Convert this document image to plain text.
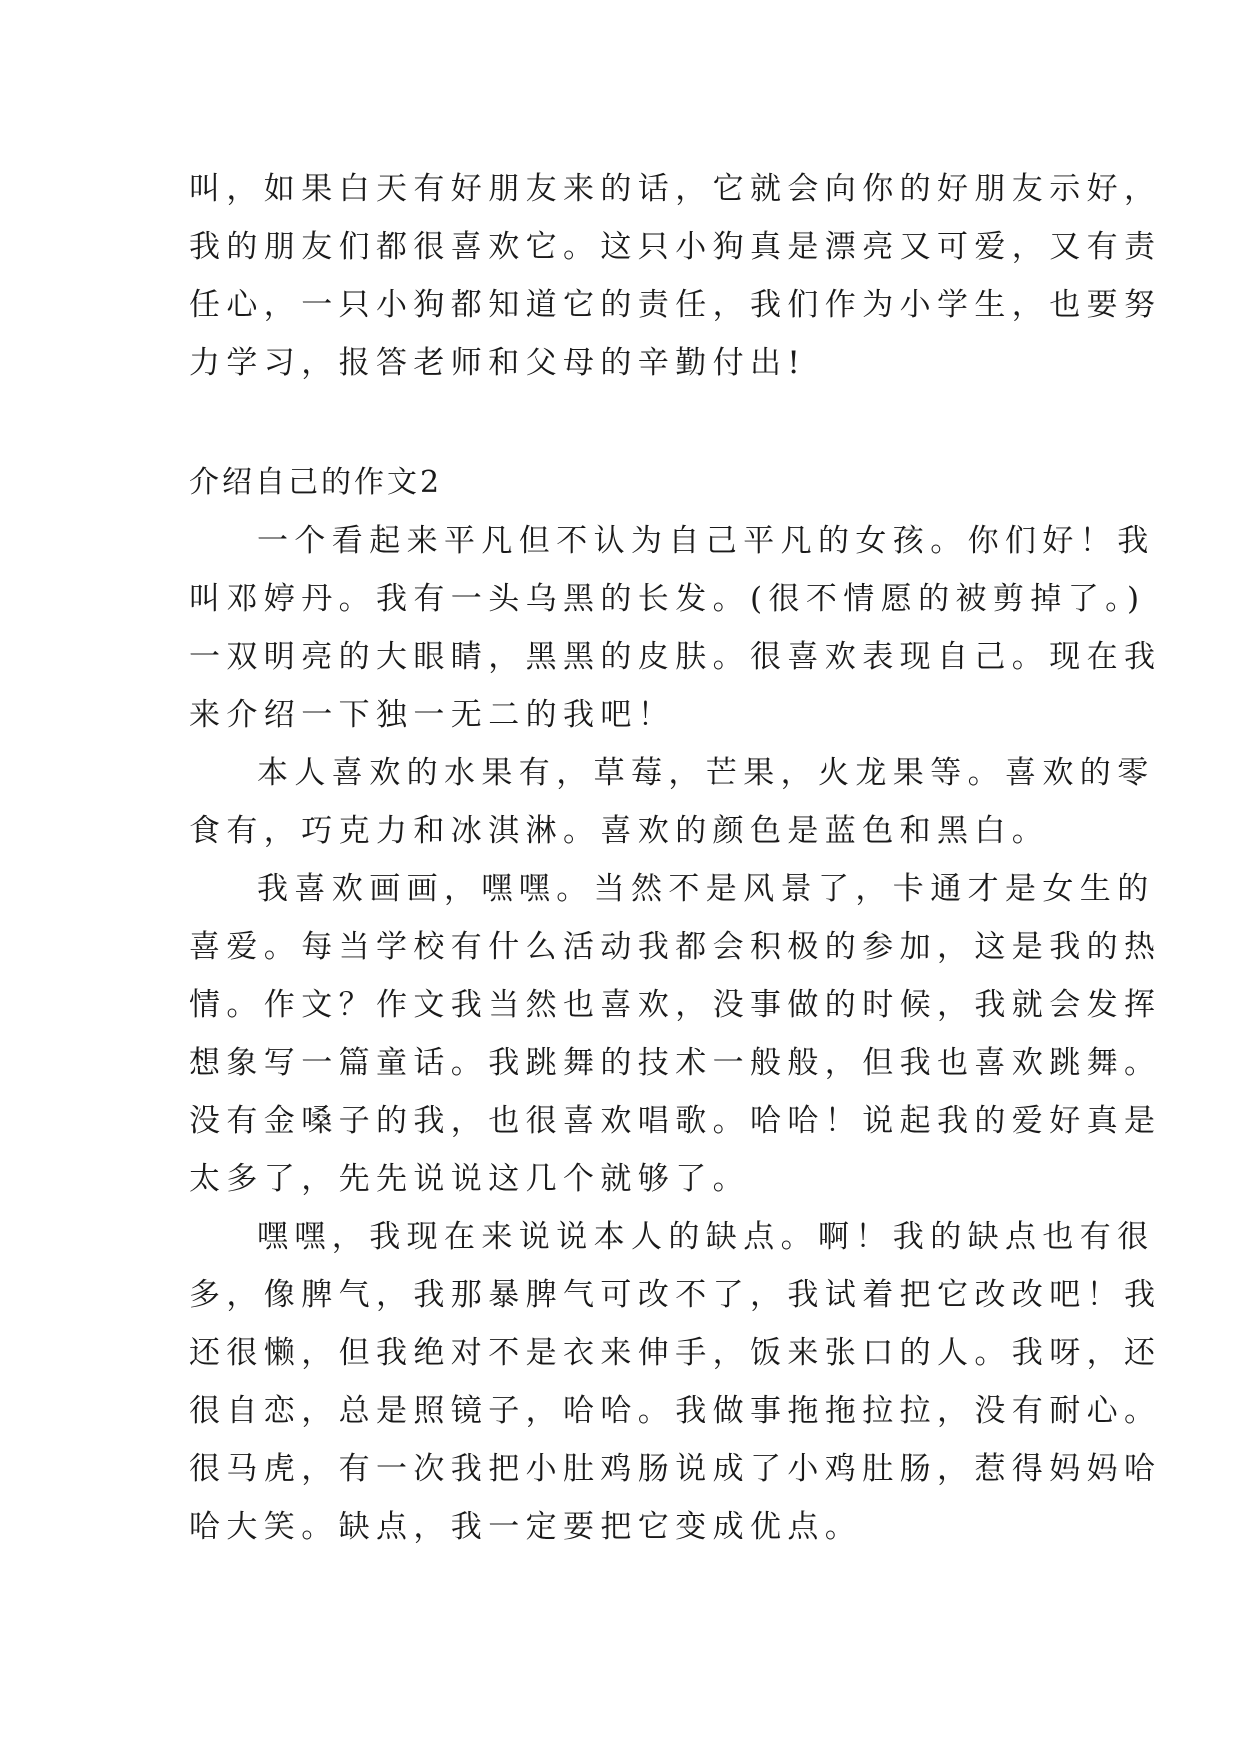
叫，如果白天有好朋友来的话，它就会向你的好朋友示好，
我的朋友们都很喜欢它。这只小狗真是漂亮又可爱，又有责
任心，一只小狗都知道它的责任，我们作为小学生，也要努
力学习，报答老师和父母的辛勤付出!
介绍自己的作文2
一个看起来平凡但不认为自己平凡的女孩。你们好！我
叫邓婷丹。我有一头乌黑的长发。(很不情愿的被剪掉了。)
一双明亮的大眼睛，黑黑的皮肤。很喜欢表现自己。现在我
来介绍一下独一无二的我吧！
本人喜欢的水果有，草莓，芒果，火龙果等。喜欢的零
食有，巧克力和冰淇淋。喜欢的颜色是蓝色和黑白。
我喜欢画画，嘿嘿。当然不是风景了，卡通才是女生的
喜爱。每当学校有什么活动我都会积极的参加，这是我的热
情。作文？作文我当然也喜欢，没事做的时候，我就会发挥
想象写一篇童话。我跳舞的技术一般般，但我也喜欢跳舞。
没有金嗓子的我，也很喜欢唱歌。哈哈！说起我的爱好真是
太多了，先先说说这几个就够了。
嘿嘿，我现在来说说本人的缺点。啊！我的缺点也有很
多，像脾气，我那暴脾气可改不了，我试着把它改改吧！我
还很懒，但我绝对不是衣来伸手，饭来张口的人。我呀，还
很自恋，总是照镜子，哈哈。我做事拖拖拉拉，没有耐心。
很马虎，有一次我把小肚鸡肠说成了小鸡肚肠，惹得妈妈哈
哈大笑。缺点，我一定要把它变成优点。
